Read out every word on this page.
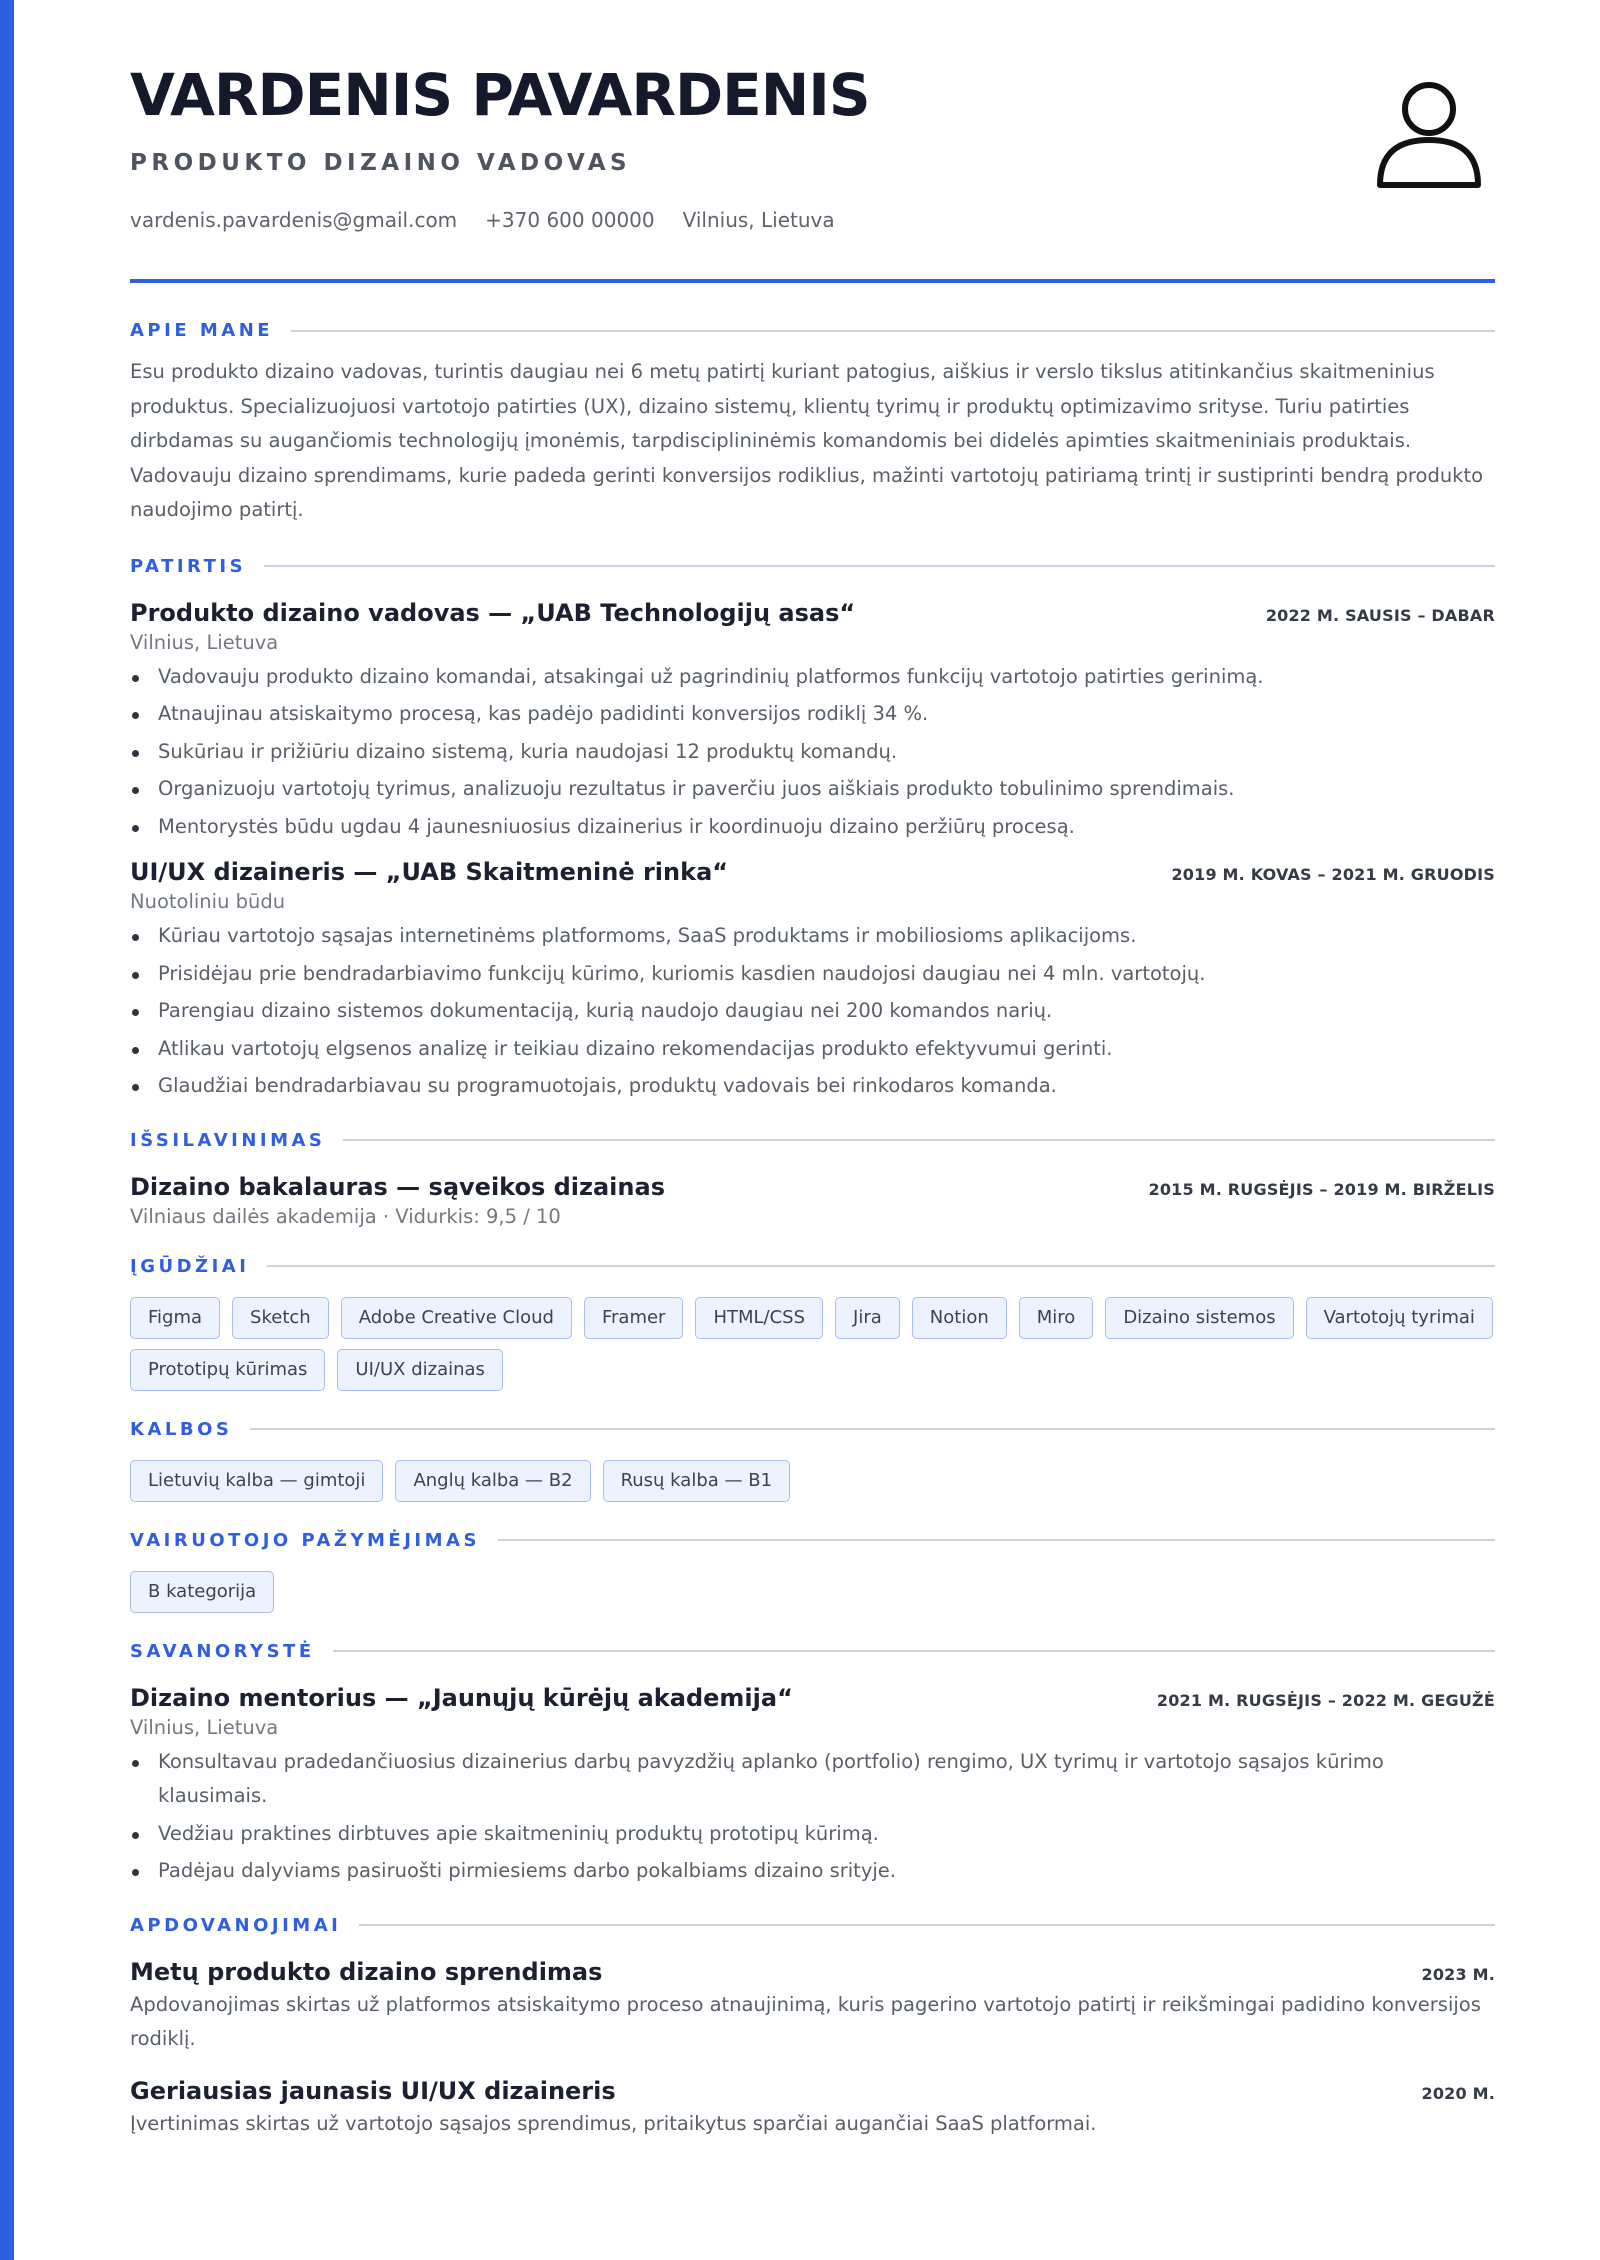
VARDENIS PAVARDENIS
PRODUKTO DIZAINO VADOVAS
vardenis.pavardenis@gmail.com +370 600 00000 Vilnius, Lietuva
APIE MANE

Esu produkto dizaino vadovas, turintis daugiau nei 6 metų patirtį kuriant patogius, aiškius ir verslo tikslus atitinkančius skaitmeninius produktus. Specializuojuosi vartotojo patirties (UX), dizaino sistemų, klientų tyrimų ir produktų optimizavimo srityse. Turiu patirties dirbdamas su augančiomis technologijų įmonėmis, tarpdisciplininėmis komandomis bei didelės apimties skaitmeniniais produktais. Vadovauju dizaino sprendimams, kurie padeda gerinti konversijos rodiklius, mažinti vartotojų patiriamą trintį ir sustiprinti bendrą produkto naudojimo patirtį.

PATIRTIS
Produkto dizaino vadovas — „UAB Technologijų asas“	2022 M. SAUSIS – DABAR
Vilnius, Lietuva
Vadovauju produkto dizaino komandai, atsakingai už pagrindinių platformos funkcijų vartotojo patirties gerinimą.
Atnaujinau atsiskaitymo procesą, kas padėjo padidinti konversijos rodiklį 34 %.
Sukūriau ir prižiūriu dizaino sistemą, kuria naudojasi 12 produktų komandų.
Organizuoju vartotojų tyrimus, analizuoju rezultatus ir paverčiu juos aiškiais produkto tobulinimo sprendimais.
Mentorystės būdu ugdau 4 jaunesniuosius dizainerius ir koordinuoju dizaino peržiūrų procesą.
UI/UX dizaineris — „UAB Skaitmeninė rinka“	2019 M. KOVAS – 2021 M. GRUODIS
Nuotoliniu būdu
Kūriau vartotojo sąsajas internetinėms platformoms, SaaS produktams ir mobiliosioms aplikacijoms.
Prisidėjau prie bendradarbiavimo funkcijų kūrimo, kuriomis kasdien naudojosi daugiau nei 4 mln. vartotojų.
Parengiau dizaino sistemos dokumentaciją, kurią naudojo daugiau nei 200 komandos narių.
Atlikau vartotojų elgsenos analizę ir teikiau dizaino rekomendacijas produkto efektyvumui gerinti.
Glaudžiai bendradarbiavau su programuotojais, produktų vadovais bei rinkodaros komanda.
IŠSILAVINIMAS
Dizaino bakalauras — sąveikos dizainas	2015 M. RUGSĖJIS – 2019 M. BIRŽELIS
Vilniaus dailės akademija · Vidurkis: 9,5 / 10
ĮGŪDŽIAI
Figma	Sketch	Adobe Creative Cloud	Framer	HTML/CSS	Jira	Notion	Miro	Dizaino sistemos	Vartotojų tyrimai
Prototipų kūrimas	UI/UX dizainas
KALBOS
Lietuvių kalba — gimtoji	Anglų kalba — B2	Rusų kalba — B1
VAIRUOTOJO PAŽYMĖJIMAS
B kategorija
SAVANORYSTĖ
Dizaino mentorius — „Jaunųjų kūrėjų akademija“	2021 M. RUGSĖJIS – 2022 M. GEGUŽĖ
Vilnius, Lietuva
Konsultavau pradedančiuosius dizainerius darbų pavyzdžių aplanko (portfolio) rengimo, UX tyrimų ir vartotojo sąsajos kūrimo klausimais.
Vedžiau praktines dirbtuves apie skaitmeninių produktų prototipų kūrimą.
Padėjau dalyviams pasiruošti pirmiesiems darbo pokalbiams dizaino srityje.
APDOVANOJIMAI
Metų produkto dizaino sprendimas	2023 M.
Apdovanojimas skirtas už platformos atsiskaitymo proceso atnaujinimą, kuris pagerino vartotojo patirtį ir reikšmingai padidino konversijos rodiklį.
Geriausias jaunasis UI/UX dizaineris	2020 M.
Įvertinimas skirtas už vartotojo sąsajos sprendimus, pritaikytus sparčiai augančiai SaaS platformai.
